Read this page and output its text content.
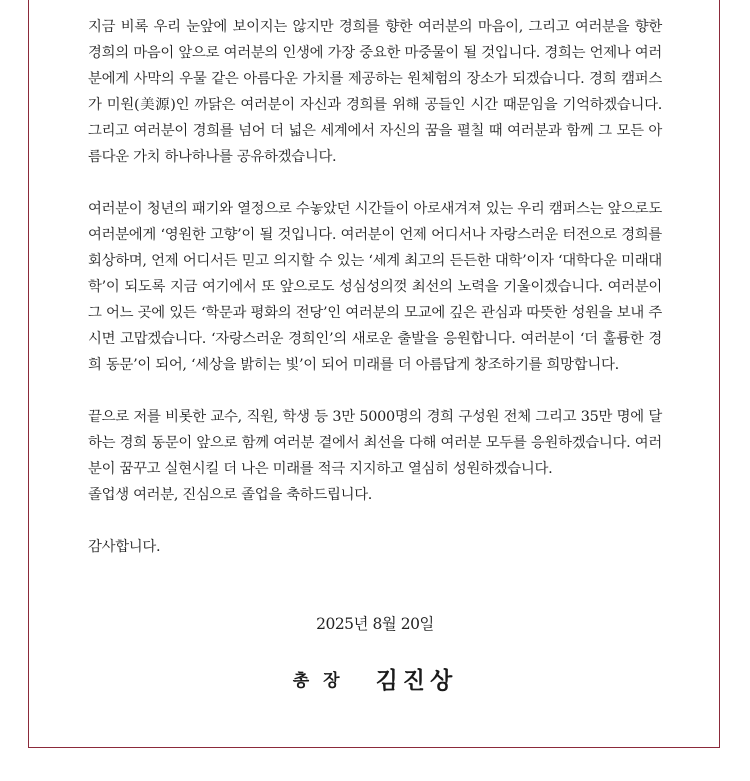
지금 비록 우리 눈앞에 보이지는 않지만 경희를 향한 여러분의 마음이, 그리고 여러분을 향한 경희의 마음이 앞으로 여러분의 인생에 가장 중요한 마중물이 될 것입니다. 경희는 언제나 여러분에게 사막의 우물 같은 아름다운 가치를 제공하는 원체험의 장소가 되겠습니다. 경희 캠퍼스가 미원(美源)인 까닭은 여러분이 자신과 경희를 위해 공들인 시간 때문임을 기억하겠습니다. 그리고 여러분이 경희를 넘어 더 넓은 세계에서 자신의 꿈을 펼칠 때 여러분과 함께 그 모든 아름다운 가치 하나하나를 공유하겠습니다.

여러분이 청년의 패기와 열정으로 수놓았던 시간들이 아로새겨져 있는 우리 캠퍼스는 앞으로도 여러분에게 ‘영원한 고향’이 될 것입니다. 여러분이 언제 어디서나 자랑스러운 터전으로 경희를 회상하며, 언제 어디서든 믿고 의지할 수 있는 ‘세계 최고의 든든한 대학’이자 ‘대학다운 미래대학’이 되도록 지금 여기에서 또 앞으로도 성심성의껏 최선의 노력을 기울이겠습니다. 여러분이 그 어느 곳에 있든 ‘학문과 평화의 전당’인 여러분의 모교에 깊은 관심과 따뜻한 성원을 보내 주시면 고맙겠습니다. ‘자랑스러운 경희인’의 새로운 출발을 응원합니다. 여러분이 ‘더 훌륭한 경희 동문’이 되어, ‘세상을 밝히는 빛’이 되어 미래를 더 아름답게 창조하기를 희망합니다.

끝으로 저를 비롯한 교수, 직원, 학생 등 3만 5000명의 경희 구성원 전체 그리고 35만 명에 달하는 경희 동문이 앞으로 함께 여러분 곁에서 최선을 다해 여러분 모두를 응원하겠습니다. 여러분이 꿈꾸고 실현시킬 더 나은 미래를 적극 지지하고 열심히 성원하겠습니다.

졸업생 여러분, 진심으로 졸업을 축하드립니다.

감사합니다.

2025년 8월 20일
총장 김진상
